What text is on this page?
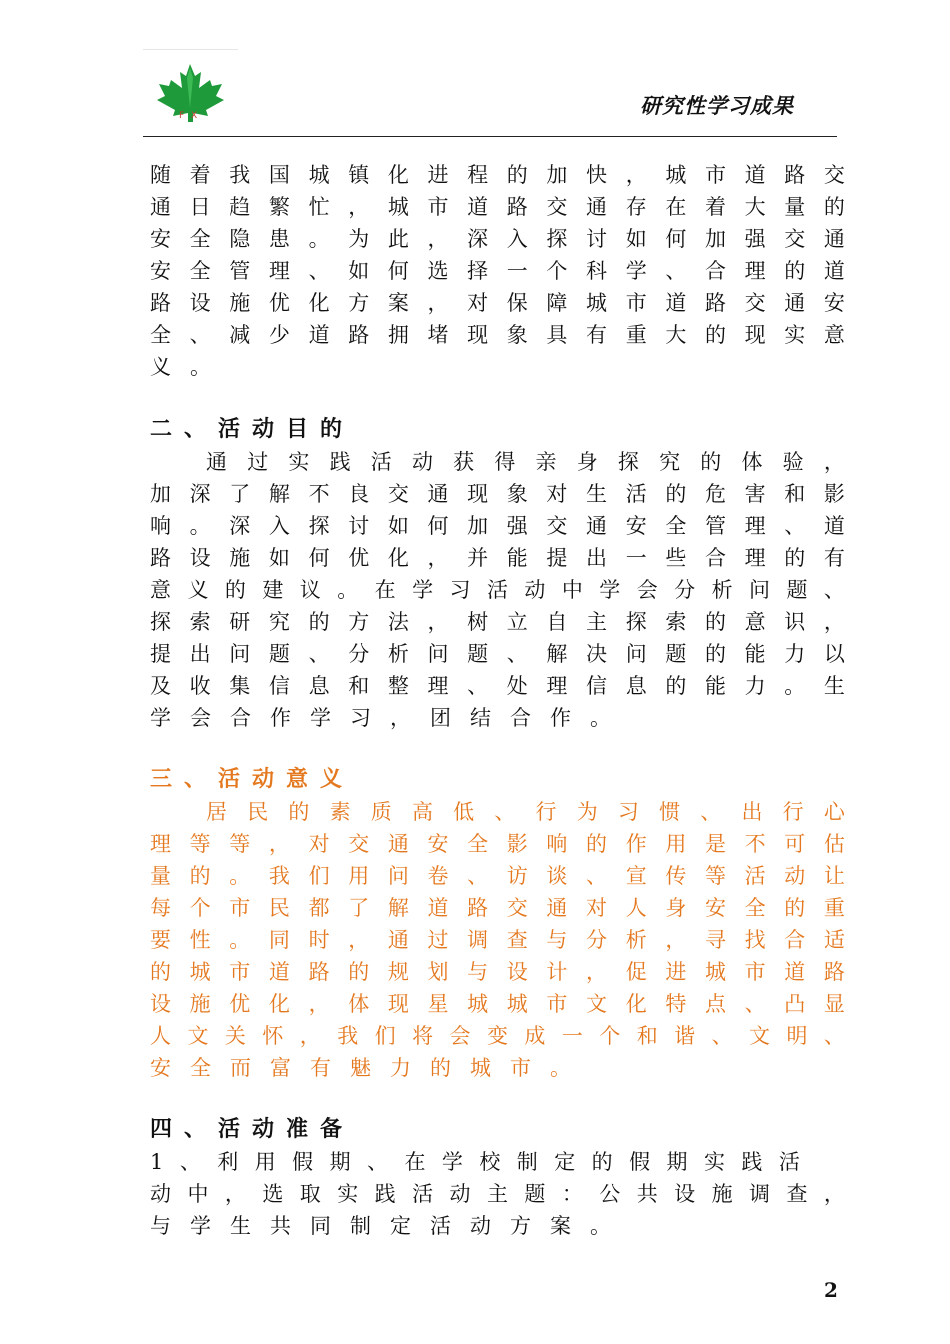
F X	研究性学习成果
随 着 我 国 城 镇 化 进 程 的 加 快 ， 城 市 道 路 交
通 日 趋 繁 忙 ， 城 市 道 路 交 通 存 在 着 大 量 的
安 全 隐 患 。 为 此 ， 深 入 探 讨 如 何 加 强 交 通
安 全 管 理 、 如 何 选 择 一 个 科 学 、 合 理 的 道
路 设 施 优 化 方 案 ， 对 保 障 城 市 道 路 交 通 安
全 、 减 少 道 路 拥 堵 现 象 具 有 重 大 的 现 实 意
义。
二、活动目的
通 过 实 践 活 动 获 得 亲 身 探 究 的 体 验 ，
加 深 了 解 不 良 交 通 现 象 对 生 活 的 危 害 和 影
响 。 深 入 探 讨 如 何 加 强 交 通 安 全 管 理 、 道
路 设 施 如 何 优 化 ， 并 能 提 出 一 些 合 理 的 有
意 义 的 建 议 。 在 学 习 活 动 中 学 会 分 析 问 题 、
探 索 研 究 的 方 法 ， 树 立 自 主 探 索 的 意 识 ，
提 出 问 题 、 分 析 问 题 、 解 决 问 题 的 能 力 以
及 收 集 信 息 和 整 理 、 处 理 信 息 的 能 力 。 生
学会合作学习，团结合作。
三、活动意义
居 民 的 素 质 高 低 、 行 为 习 惯 、 出 行 心
理 等 等 ， 对 交 通 安 全 影 响 的 作 用 是 不 可 估
量 的 。 我 们 用 问 卷 、 访 谈 、 宣 传 等 活 动 让
每 个 市 民 都 了 解 道 路 交 通 对 人 身 安 全 的 重
要 性 。 同 时 ， 通 过 调 查 与 分 析 ， 寻 找 合 适
的 城 市 道 路 的 规 划 与 设 计 ， 促 进 城 市 道 路
设 施 优 化 ， 体 现 星 城 城 市 文 化 特 点 、 凸 显
人 文 关 怀 ， 我 们 将 会 变 成 一 个 和 谐 、 文 明 、
安全而富有魅力的城市。
四、活动准备
1 、 利 用 假 期 、 在 学 校 制 定 的 假 期 实 践 活
动 中 ， 选 取 实 践 活 动 主 题 ： 公 共 设 施 调 查 ，
与学生共同制定活动方案。
2
